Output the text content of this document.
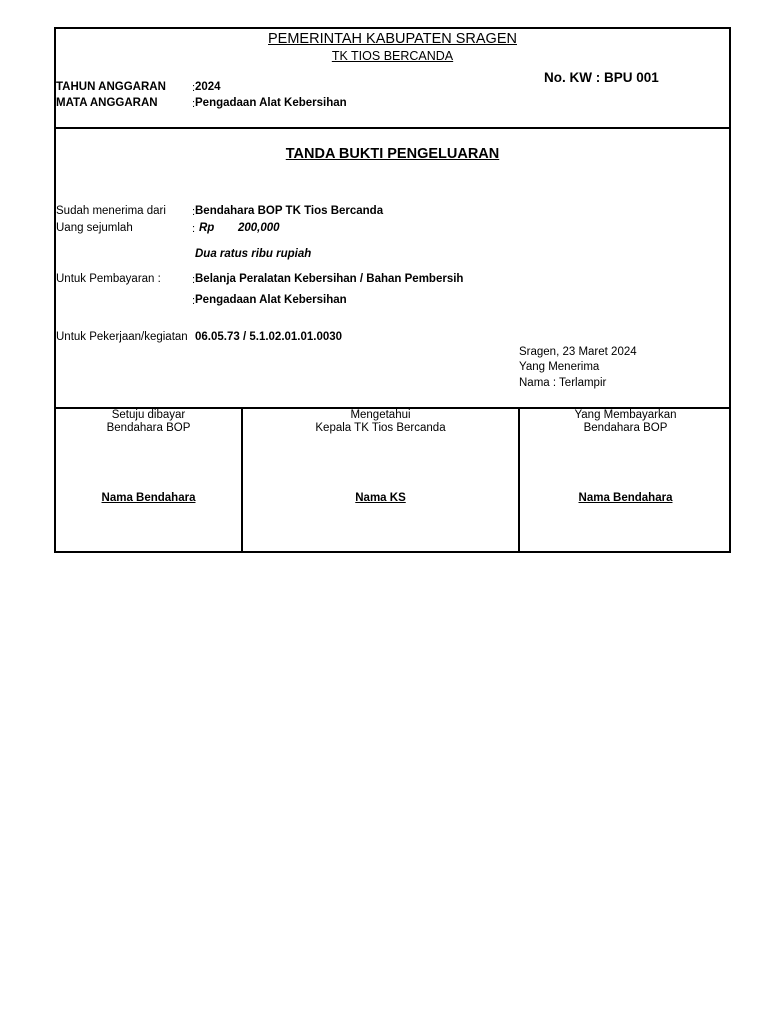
PEMERINTAH KABUPATEN SRAGEN
TK TIOS BERCANDA
No. KW : BPU 001
TAHUN ANGGARAN : 2024
MATA ANGGARAN	: Pengadaan Alat Kebersihan
TANDA BUKTI PENGELUARAN
Sudah menerima dari : Bendahara BOP TK Tios Bercanda
Uang sejumlah	: Rp 200,000
Dua ratus ribu rupiah
Untuk Pembayaran :	: Belanja Peralatan Kebersihan / Bahan Pembersih
: Pengadaan Alat Kebersihan
Untuk Pekerjaan/kegiatan 06.05.73 / 5.1.02.01.01.0030
Sragen, 23 Maret 2024
Yang Menerima
Nama : Terlampir
Setuju dibayar
Bendahara BOP
Nama Bendahara
Mengetahui
Kepala TK Tios Bercanda
Nama KS
Yang Membayarkan
Bendahara BOP
Nama Bendahara
